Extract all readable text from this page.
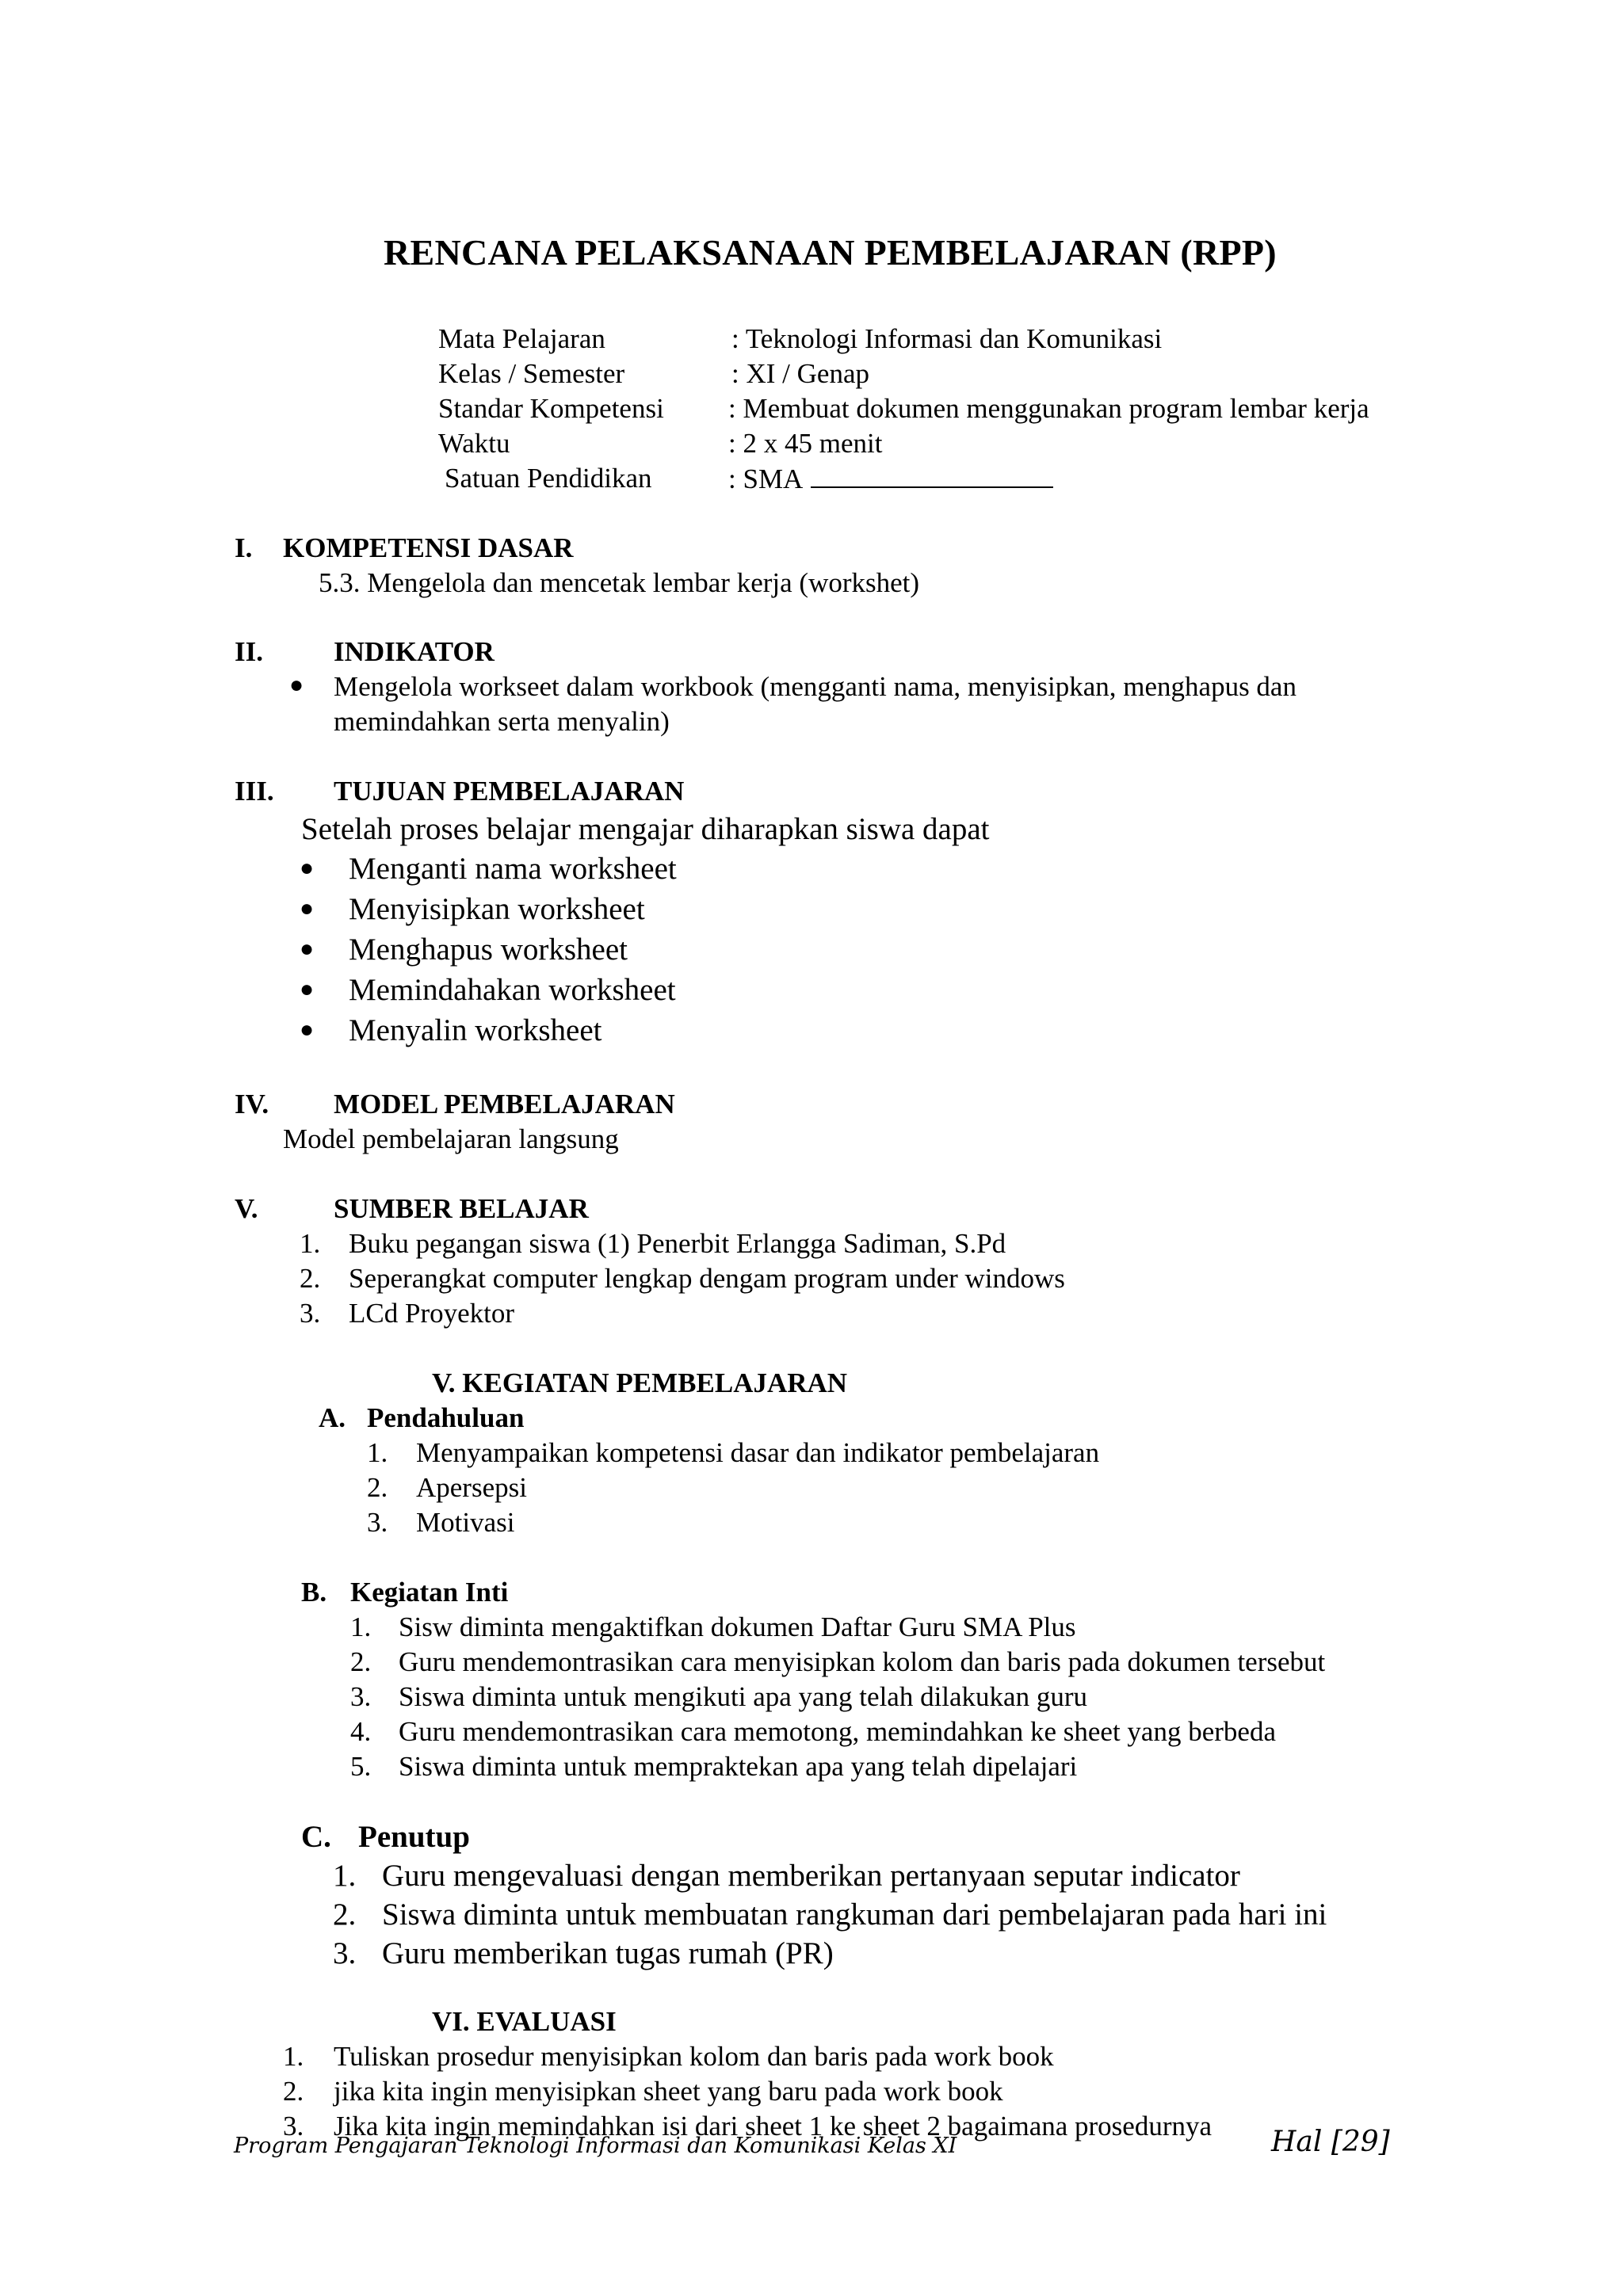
RENCANA PELAKSANAAN PEMBELAJARAN (RPP)
Mata Pelajaran	: Teknologi Informasi dan Komunikasi
Kelas / Semester	: XI / Genap
Standar Kompetensi : Membuat dokumen menggunakan program lembar kerja
Waktu	: 2 x 45 menit
Satuan Pendidikan	: SMA
I. KOMPETENSI DASAR
5.3. Mengelola dan mencetak lembar kerja (workshet)
II.	INDIKATOR
● Mengelola workseet dalam workbook (mengganti nama, menyisipkan, menghapus dan
memindahkan serta menyalin)
III. TUJUAN PEMBELAJARAN
Setelah proses belajar mengajar diharapkan siswa dapat
● Menganti nama worksheet
● Menyisipkan worksheet
● Menghapus worksheet
● Memindahakan worksheet
● Menyalin worksheet
IV. MODEL PEMBELAJARAN
Model pembelajaran langsung
V.	SUMBER BELAJAR
1. Buku pegangan siswa (1) Penerbit Erlangga Sadiman, S.Pd
2. Seperangkat computer lengkap dengam program under windows
3. LCd Proyektor
V. KEGIATAN PEMBELAJARAN
A. Pendahuluan
1. Menyampaikan kompetensi dasar dan indikator pembelajaran
2. Apersepsi
3. Motivasi
B. Kegiatan Inti
1. Sisw diminta mengaktifkan dokumen Daftar Guru SMA Plus
2. Guru mendemontrasikan cara menyisipkan kolom dan baris pada dokumen tersebut
3. Siswa diminta untuk mengikuti apa yang telah dilakukan guru
4. Guru mendemontrasikan cara memotong, memindahkan ke sheet yang berbeda
5. Siswa diminta untuk mempraktekan apa yang telah dipelajari
C. Penutup
1. Guru mengevaluasi dengan memberikan pertanyaan seputar indicator
2. Siswa diminta untuk membuatan rangkuman dari pembelajaran pada hari ini
3. Guru memberikan tugas rumah (PR)
VI. EVALUASI
1. Tuliskan prosedur menyisipkan kolom dan baris pada work book
2. jika kita ingin menyisipkan sheet yang baru pada work book
3. Jika kita ingin memindahkan isi dari sheet 1 ke sheet 2 bagaimana prosedurnya
Program Pengajaran Teknologi Informasi dan Komunikasi Kelas XI	Hal [29]
